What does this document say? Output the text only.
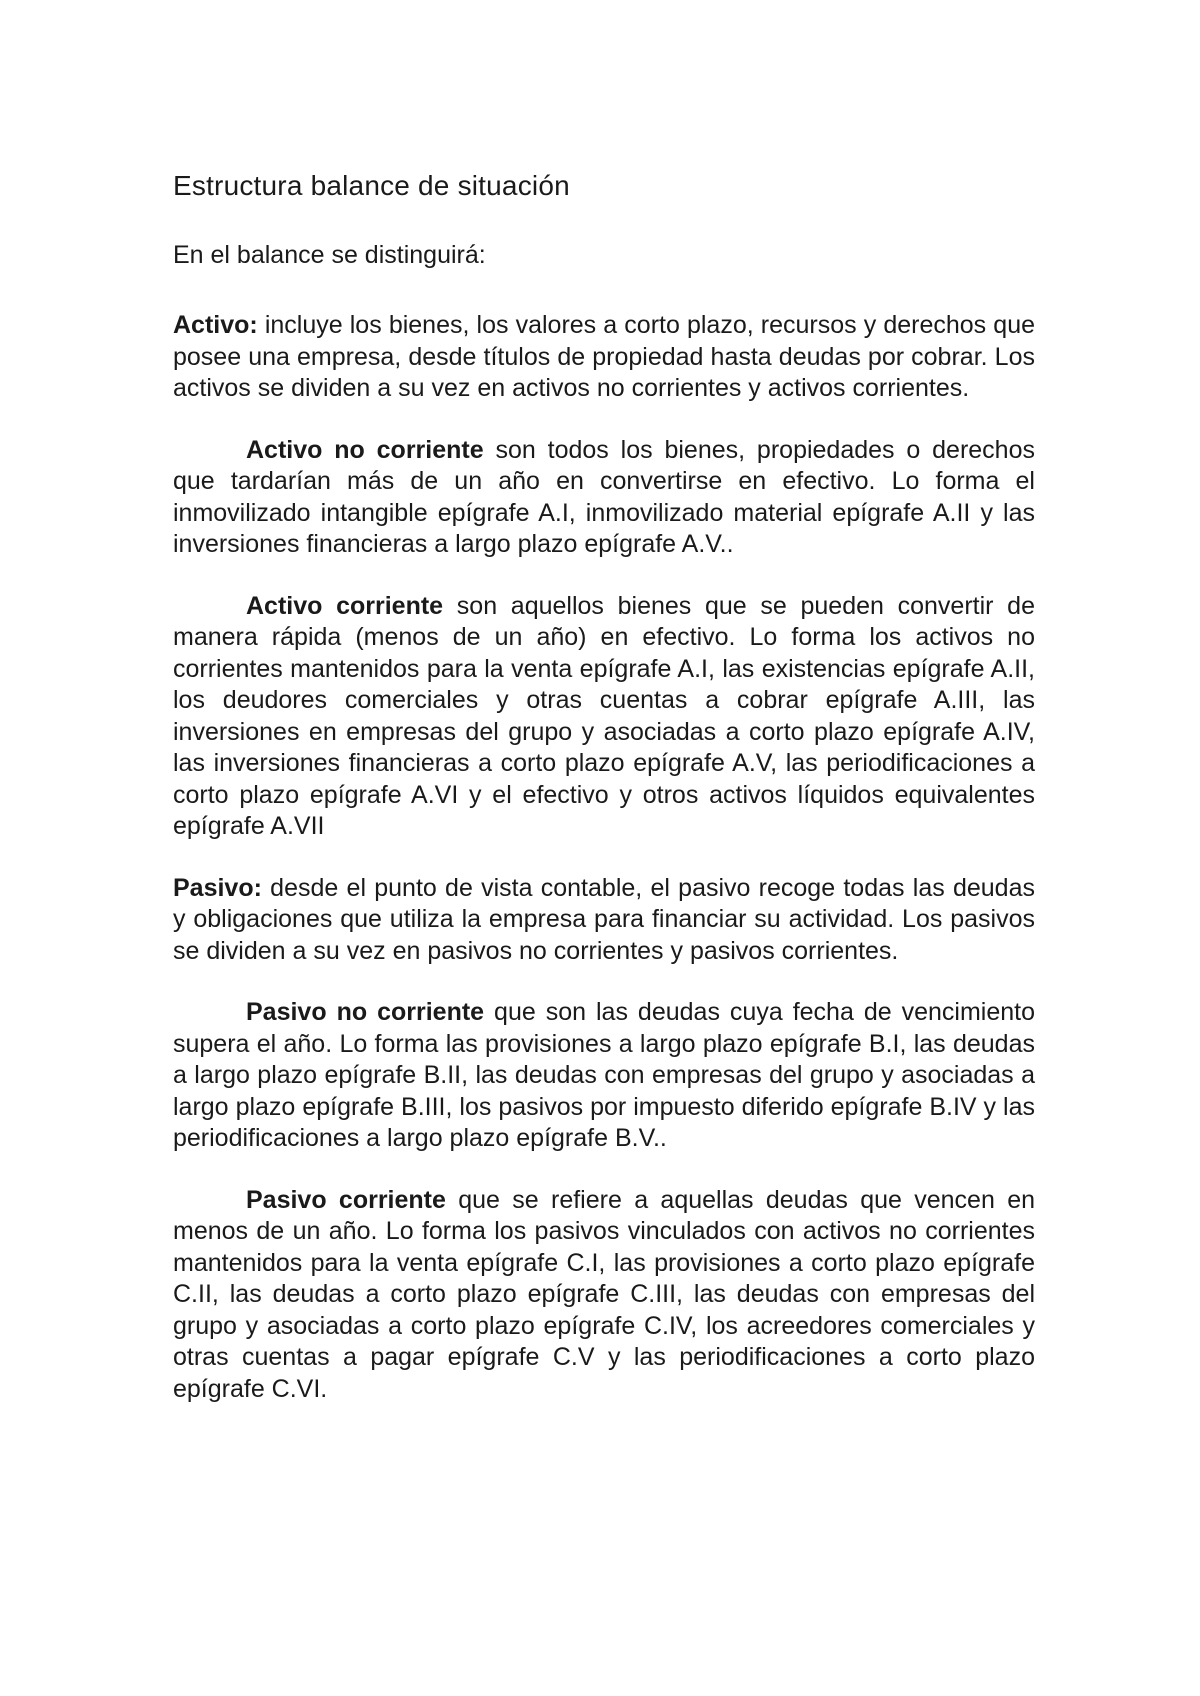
Estructura balance de situación
En el balance se distinguirá:

Activo: incluye los bienes, los valores a corto plazo, recursos y derechos que posee una empresa, desde títulos de propiedad hasta deudas por cobrar. Los activos se dividen a su vez en activos no corrientes y activos corrientes.

Activo no corriente son todos los bienes, propiedades o derechos que tardarían más de un año en convertirse en efectivo. Lo forma el inmovilizado intangible epígrafe A.I, inmovilizado material epígrafe A.II y las inversiones financieras a largo plazo epígrafe A.V..

Activo corriente son aquellos bienes que se pueden convertir de manera rápida (menos de un año) en efectivo. Lo forma los activos no corrientes mantenidos para la venta epígrafe A.I, las existencias epígrafe A.II, los deudores comerciales y otras cuentas a cobrar epígrafe A.III, las inversiones en empresas del grupo y asociadas a corto plazo epígrafe A.IV, las inversiones financieras a corto plazo epígrafe A.V, las periodificaciones a corto plazo epígrafe A.VI y el efectivo y otros activos líquidos equivalentes epígrafe A.VII

Pasivo: desde el punto de vista contable, el pasivo recoge todas las deudas y obligaciones que utiliza la empresa para financiar su actividad. Los pasivos se dividen a su vez en pasivos no corrientes y pasivos corrientes.

Pasivo no corriente que son las deudas cuya fecha de vencimiento supera el año. Lo forma las provisiones a largo plazo epígrafe B.I, las deudas a largo plazo epígrafe B.II, las deudas con empresas del grupo y asociadas a largo plazo epígrafe B.III, los pasivos por impuesto diferido epígrafe B.IV y las periodificaciones a largo plazo epígrafe B.V..

Pasivo corriente que se refiere a aquellas deudas que vencen en menos de un año. Lo forma los pasivos vinculados con activos no corrientes mantenidos para la venta epígrafe C.I, las provisiones a corto plazo epígrafe C.II, las deudas a corto plazo epígrafe C.III, las deudas con empresas del grupo y asociadas a corto plazo epígrafe C.IV, los acreedores comerciales y otras cuentas a pagar epígrafe C.V y las periodificaciones a corto plazo epígrafe C.VI.
